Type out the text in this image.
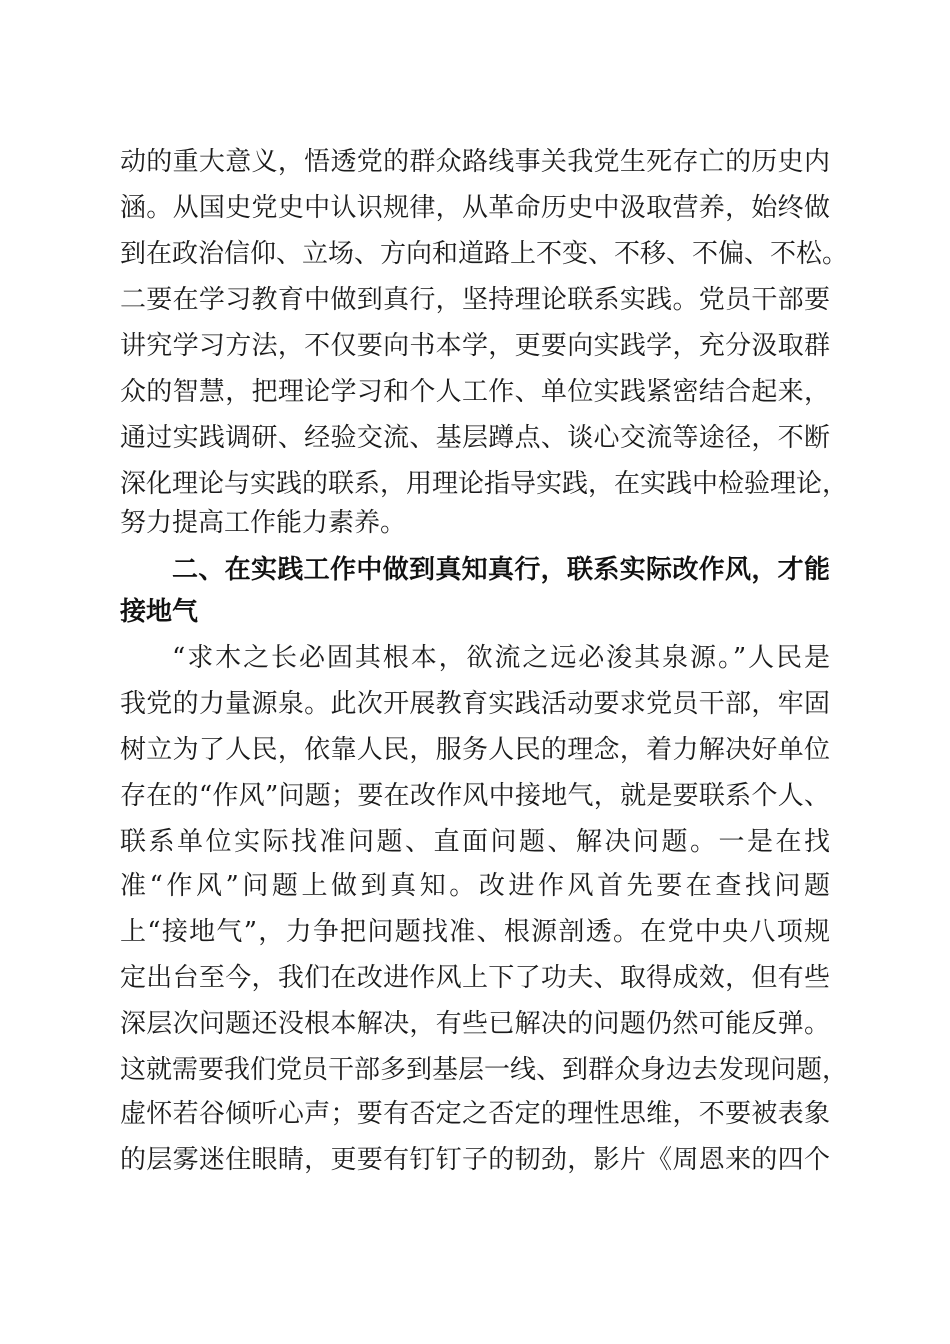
动的重大意义，悟透党的群众路线事关我党生死存亡的历史内
涵。从国史党史中认识规律，从革命历史中汲取营养，始终做
到在政治信仰、立场、方向和道路上不变、不移、不偏、不松。
二要在学习教育中做到真行，坚持理论联系实践。党员干部要
讲究学习方法，不仅要向书本学，更要向实践学，充分汲取群
众的智慧，把理论学习和个人工作、单位实践紧密结合起来，
通过实践调研、经验交流、基层蹲点、谈心交流等途径，不断
深化理论与实践的联系，用理论指导实践，在实践中检验理论，
努力提高工作能力素养。
二、在实践工作中做到真知真行，联系实际改作风，才能
接地气
“求木之长必固其根本，欲流之远必浚其泉源。”人民是
我党的力量源泉。此次开展教育实践活动要求党员干部，牢固
树立为了人民，依靠人民，服务人民的理念，着力解决好单位
存在的“作风”问题；要在改作风中接地气，就是要联系个人、
联系单位实际找准问题、直面问题、解决问题。一是在找
准“作风”问题上做到真知。改进作风首先要在查找问题
上“接地气”，力争把问题找准、根源剖透。在党中央八项规
定出台至今，我们在改进作风上下了功夫、取得成效，但有些
深层次问题还没根本解决，有些已解决的问题仍然可能反弹。
这就需要我们党员干部多到基层一线、到群众身边去发现问题，
虚怀若谷倾听心声；要有否定之否定的理性思维，不要被表象
的层雾迷住眼睛，更要有钉钉子的韧劲，影片《周恩来的四个
